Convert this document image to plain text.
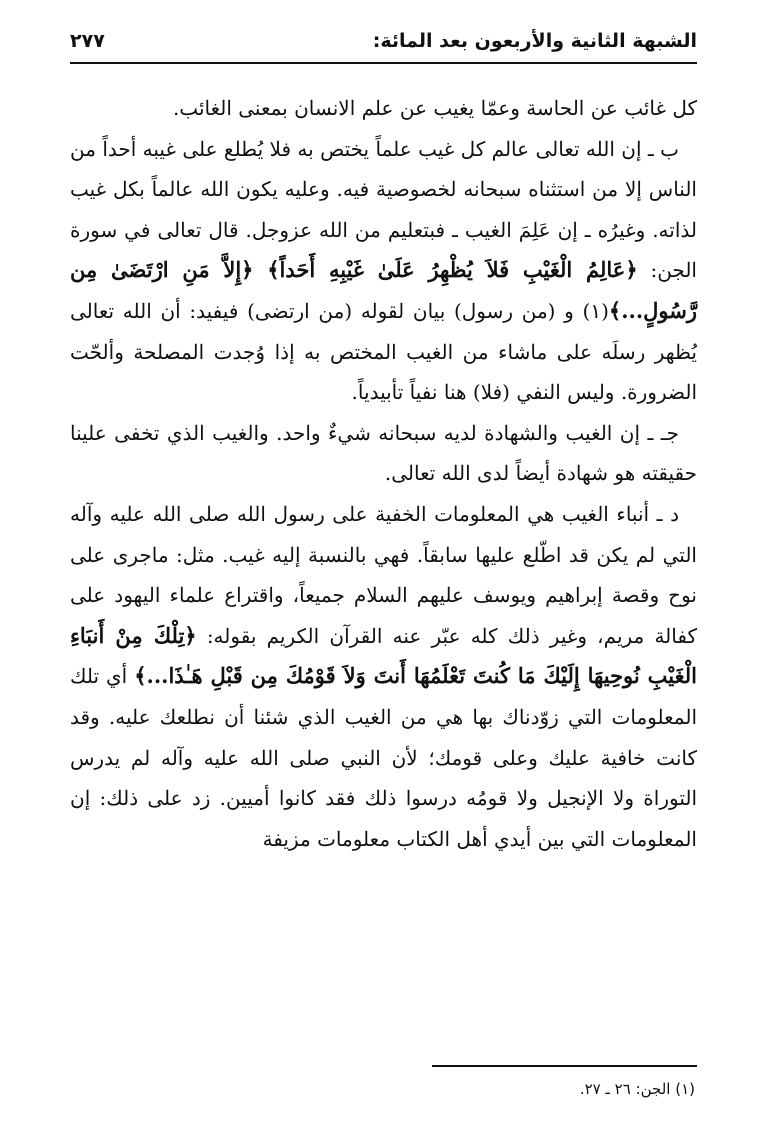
الشبهة الثانية والأربعون بعد المائة:
٢٧٧

كل غائب عن الحاسة وعمّا يغيب عن علم الانسان بمعنى الغائب.

ب ـ إن الله تعالى عالم كل غيب علماً يختص به فلا يُطلع على غيبه أحداً من الناس إلا من استثناه سبحانه لخصوصية فيه. وعليه يكون الله عالماً بكل غيب لذاته. وغيرُه ـ إن عَلِمَ الغيب ـ فبتعليم من الله عزوجل. قال تعالى في سورة الجن: ﴿عَالِمُ الْغَيْبِ فَلاَ يُظْهِرُ عَلَىٰ غَيْبِهِ أَحَداً﴾ ﴿إِلاَّ مَنِ ارْتَضَىٰ مِن رَّسُولٍ...﴾(١) و (من رسول) بيان لقوله (من ارتضى) فيفيد: أن الله تعالى يُظهر رسلَه على ماشاء من الغيب المختص به إذا وُجدت المصلحة وألحّت الضرورة. وليس النفي (فلا) هنا نفياً تأبيدياً.

جـ ـ إن الغيب والشهادة لديه سبحانه شيءٌ واحد. والغيب الذي تخفى علينا حقيقته هو شهادة أيضاً لدى الله تعالى.

د ـ أنباء الغيب هي المعلومات الخفية على رسول الله صلى الله عليه وآله التي لم يكن قد اطّلع عليها سابقاً. فهي بالنسبة إليه غيب. مثل: ماجرى على نوح وقصة إبراهيم ويوسف عليهم السلام جميعاً، واقتراع علماء اليهود على كفالة مريم، وغير ذلك كله عبّر عنه القرآن الكريم بقوله: ﴿تِلْكَ مِنْ أَنبَاءِ الْغَيْبِ نُوحِيهَا إِلَيْكَ مَا كُنتَ تَعْلَمُهَا أَنتَ وَلاَ قَوْمُكَ مِن قَبْلِ هَـٰذَا...﴾ أي تلك المعلومات التي زوّدناك بها هي من الغيب الذي شئنا أن نطلعك عليه. وقد كانت خافية عليك وعلى قومك؛ لأن النبي صلى الله عليه وآله لم يدرس التوراة ولا الإنجيل ولا قومُه درسوا ذلك فقد كانوا أميين. زد على ذلك: إن المعلومات التي بين أيدي أهل الكتاب معلومات مزيفة

(١) الجن: ٢٦ ـ ٢٧.
